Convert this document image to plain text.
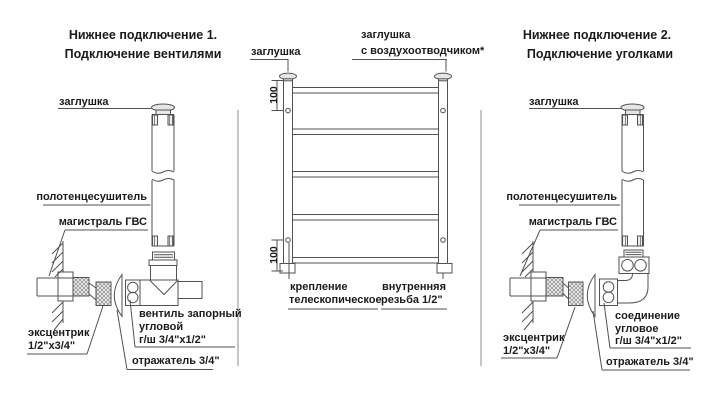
Нижнее подключение 1.
Подключение вентилями
заглушка
полотенцесушитель
магистраль ГВС
эксцентрик
1/2"x3/4"
вентиль запорный
угловой
г/ш 3/4"x1/2"
отражатель 3/4"
заглушка
заглушка
с воздухоотводчиком*
100
100
крепление
телескопическое
внутренняя
резьба 1/2"
Нижнее подключение 2.
Подключение уголками
заглушка
полотенцесушитель
магистраль ГВС
эксцентрик
1/2"x3/4"
соединение
угловое
г/ш 3/4"x1/2"
отражатель 3/4"
